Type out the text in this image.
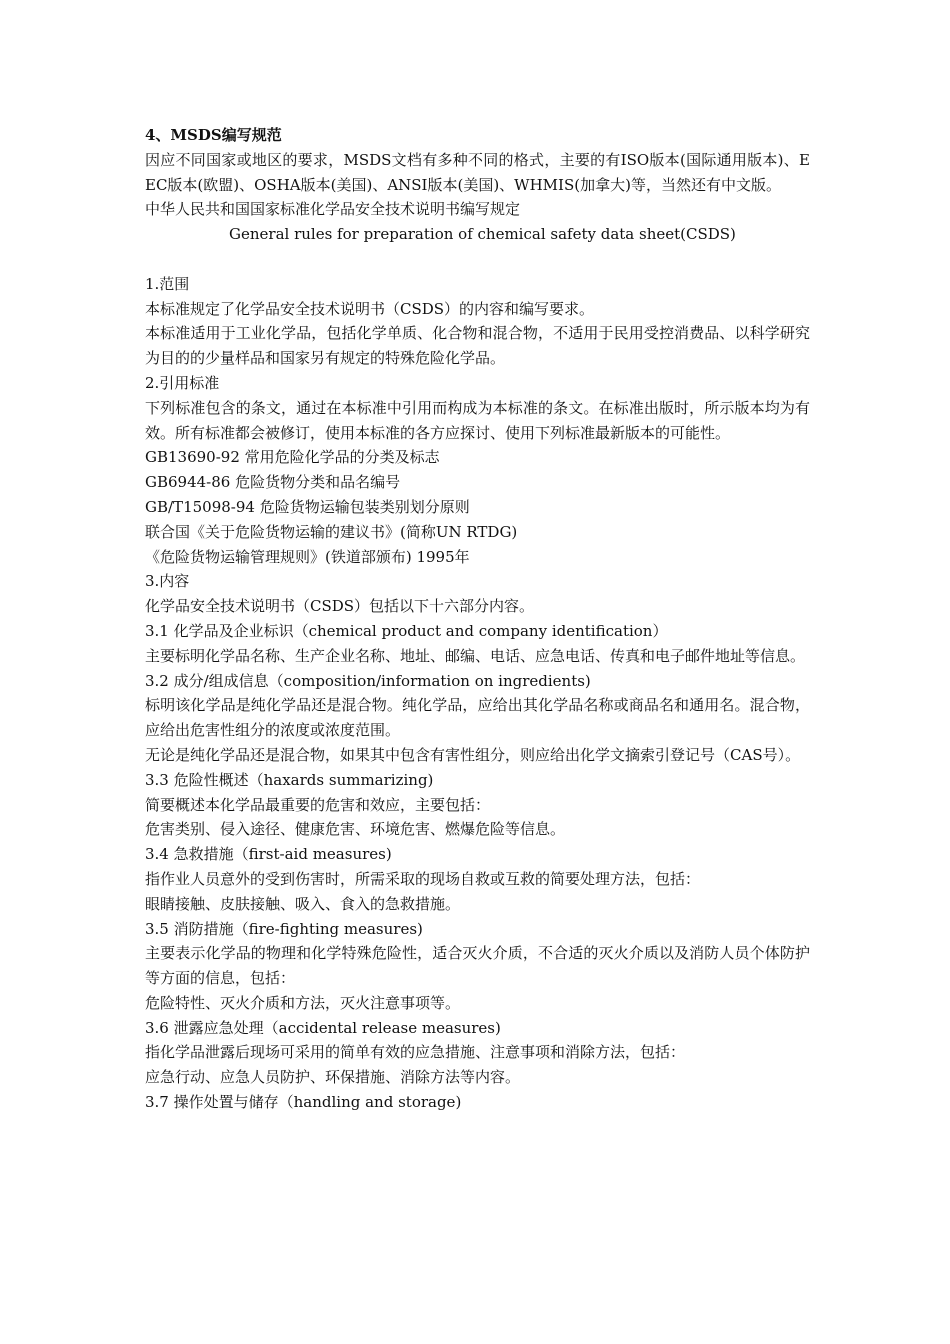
4、MSDS编写规范
因应不同国家或地区的要求，MSDS文档有多种不同的格式，主要的有ISO版本(国际通用版本)、EEC版本(欧盟)、OSHA版本(美国)、ANSI版本(美国)、WHMIS(加拿大)等，当然还有中文版。
中华人民共和国国家标准化学品安全技术说明书编写规定
General rules for preparation of chemical safety data sheet(CSDS)
1.范围
本标准规定了化学品安全技术说明书（CSDS）的内容和编写要求。
本标准适用于工业化学品，包括化学单质、化合物和混合物，不适用于民用受控消费品、以科学研究为目的的少量样品和国家另有规定的特殊危险化学品。
2.引用标准
下列标准包含的条文，通过在本标准中引用而构成为本标准的条文。在标准出版时，所示版本均为有效。所有标准都会被修订，使用本标准的各方应探讨、使用下列标准最新版本的可能性。
GB13690-92 常用危险化学品的分类及标志
GB6944-86 危险货物分类和品名编号
GB/T15098-94 危险货物运输包装类别划分原则
联合国《关于危险货物运输的建议书》(简称UN RTDG)
《危险货物运输管理规则》(铁道部颁布) 1995年
3.内容
化学品安全技术说明书（CSDS）包括以下十六部分内容。
3.1 化学品及企业标识（chemical product and company identification）
主要标明化学品名称、生产企业名称、地址、邮编、电话、应急电话、传真和电子邮件地址等信息。
3.2 成分/组成信息（composition/information on ingredients)
标明该化学品是纯化学品还是混合物。纯化学品，应给出其化学品名称或商品名和通用名。混合物，应给出危害性组分的浓度或浓度范围。
无论是纯化学品还是混合物，如果其中包含有害性组分，则应给出化学文摘索引登记号（CAS号）。
3.3 危险性概述（haxards summarizing)
简要概述本化学品最重要的危害和效应，主要包括：
危害类别、侵入途径、健康危害、环境危害、燃爆危险等信息。
3.4 急救措施（first-aid measures)
指作业人员意外的受到伤害时，所需采取的现场自救或互救的简要处理方法，包括：
眼睛接触、皮肤接触、吸入、食入的急救措施。
3.5 消防措施（fire-fighting measures)
主要表示化学品的物理和化学特殊危险性，适合灭火介质，不合适的灭火介质以及消防人员个体防护等方面的信息，包括：
危险特性、灭火介质和方法，灭火注意事项等。
3.6 泄露应急处理（accidental release measures)
指化学品泄露后现场可采用的简单有效的应急措施、注意事项和消除方法，包括：
应急行动、应急人员防护、环保措施、消除方法等内容。
3.7 操作处置与储存（handling and storage)
